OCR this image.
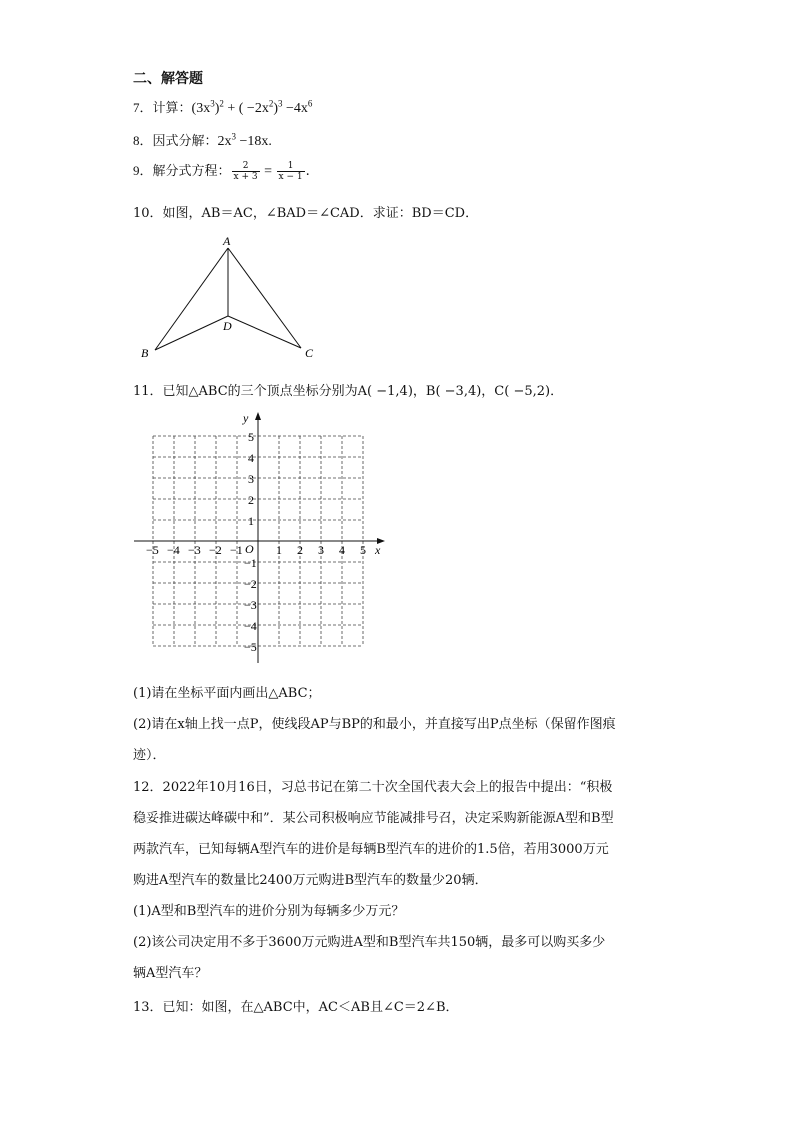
二、解答题
7．计算：$(3x^3)^2$ + ( $-2x^2)^3 -4x^6$
8．因式分解：$2x^3 -18x$.
9．解分式方程： $\frac{2}{x + 3} = \frac{1}{x - 1}$ .
10．如图，AB＝AC，∠BAD＝∠CAD．求证：BD＝CD．
A
B	C
D
11．已知△ABC的三个顶点坐标分别为A( −1,4)，B( −3,4)，C( −5,2)．
x
y
O
−5 −4 −3 −2 −1	1 2 3 4 5
5
4
3
2
1
−1
−2
−3
−4
−5
(1)请在坐标平面内画出△ABC；
(2)请在x轴上找一点P，使线段AP与BP的和最小，并直接写出P点坐标（保留作图痕
迹）．
12．2022年10月16日，习总书记在第二十次全国代表大会上的报告中提出：“积极
稳妥推进碳达峰碳中和”．某公司积极响应节能减排号召，决定采购新能源A型和B型
两款汽车，已知每辆A型汽车的进价是每辆B型汽车的进价的1.5倍，若用3000万元
购进A型汽车的数量比2400万元购进B型汽车的数量少20辆．
(1)A型和B型汽车的进价分别为每辆多少万元？
(2)该公司决定用不多于3600万元购进A型和B型汽车共150辆，最多可以购买多少
辆A型汽车？
13．已知：如图，在△ABC中，AC＜AB且∠C＝2∠B．
